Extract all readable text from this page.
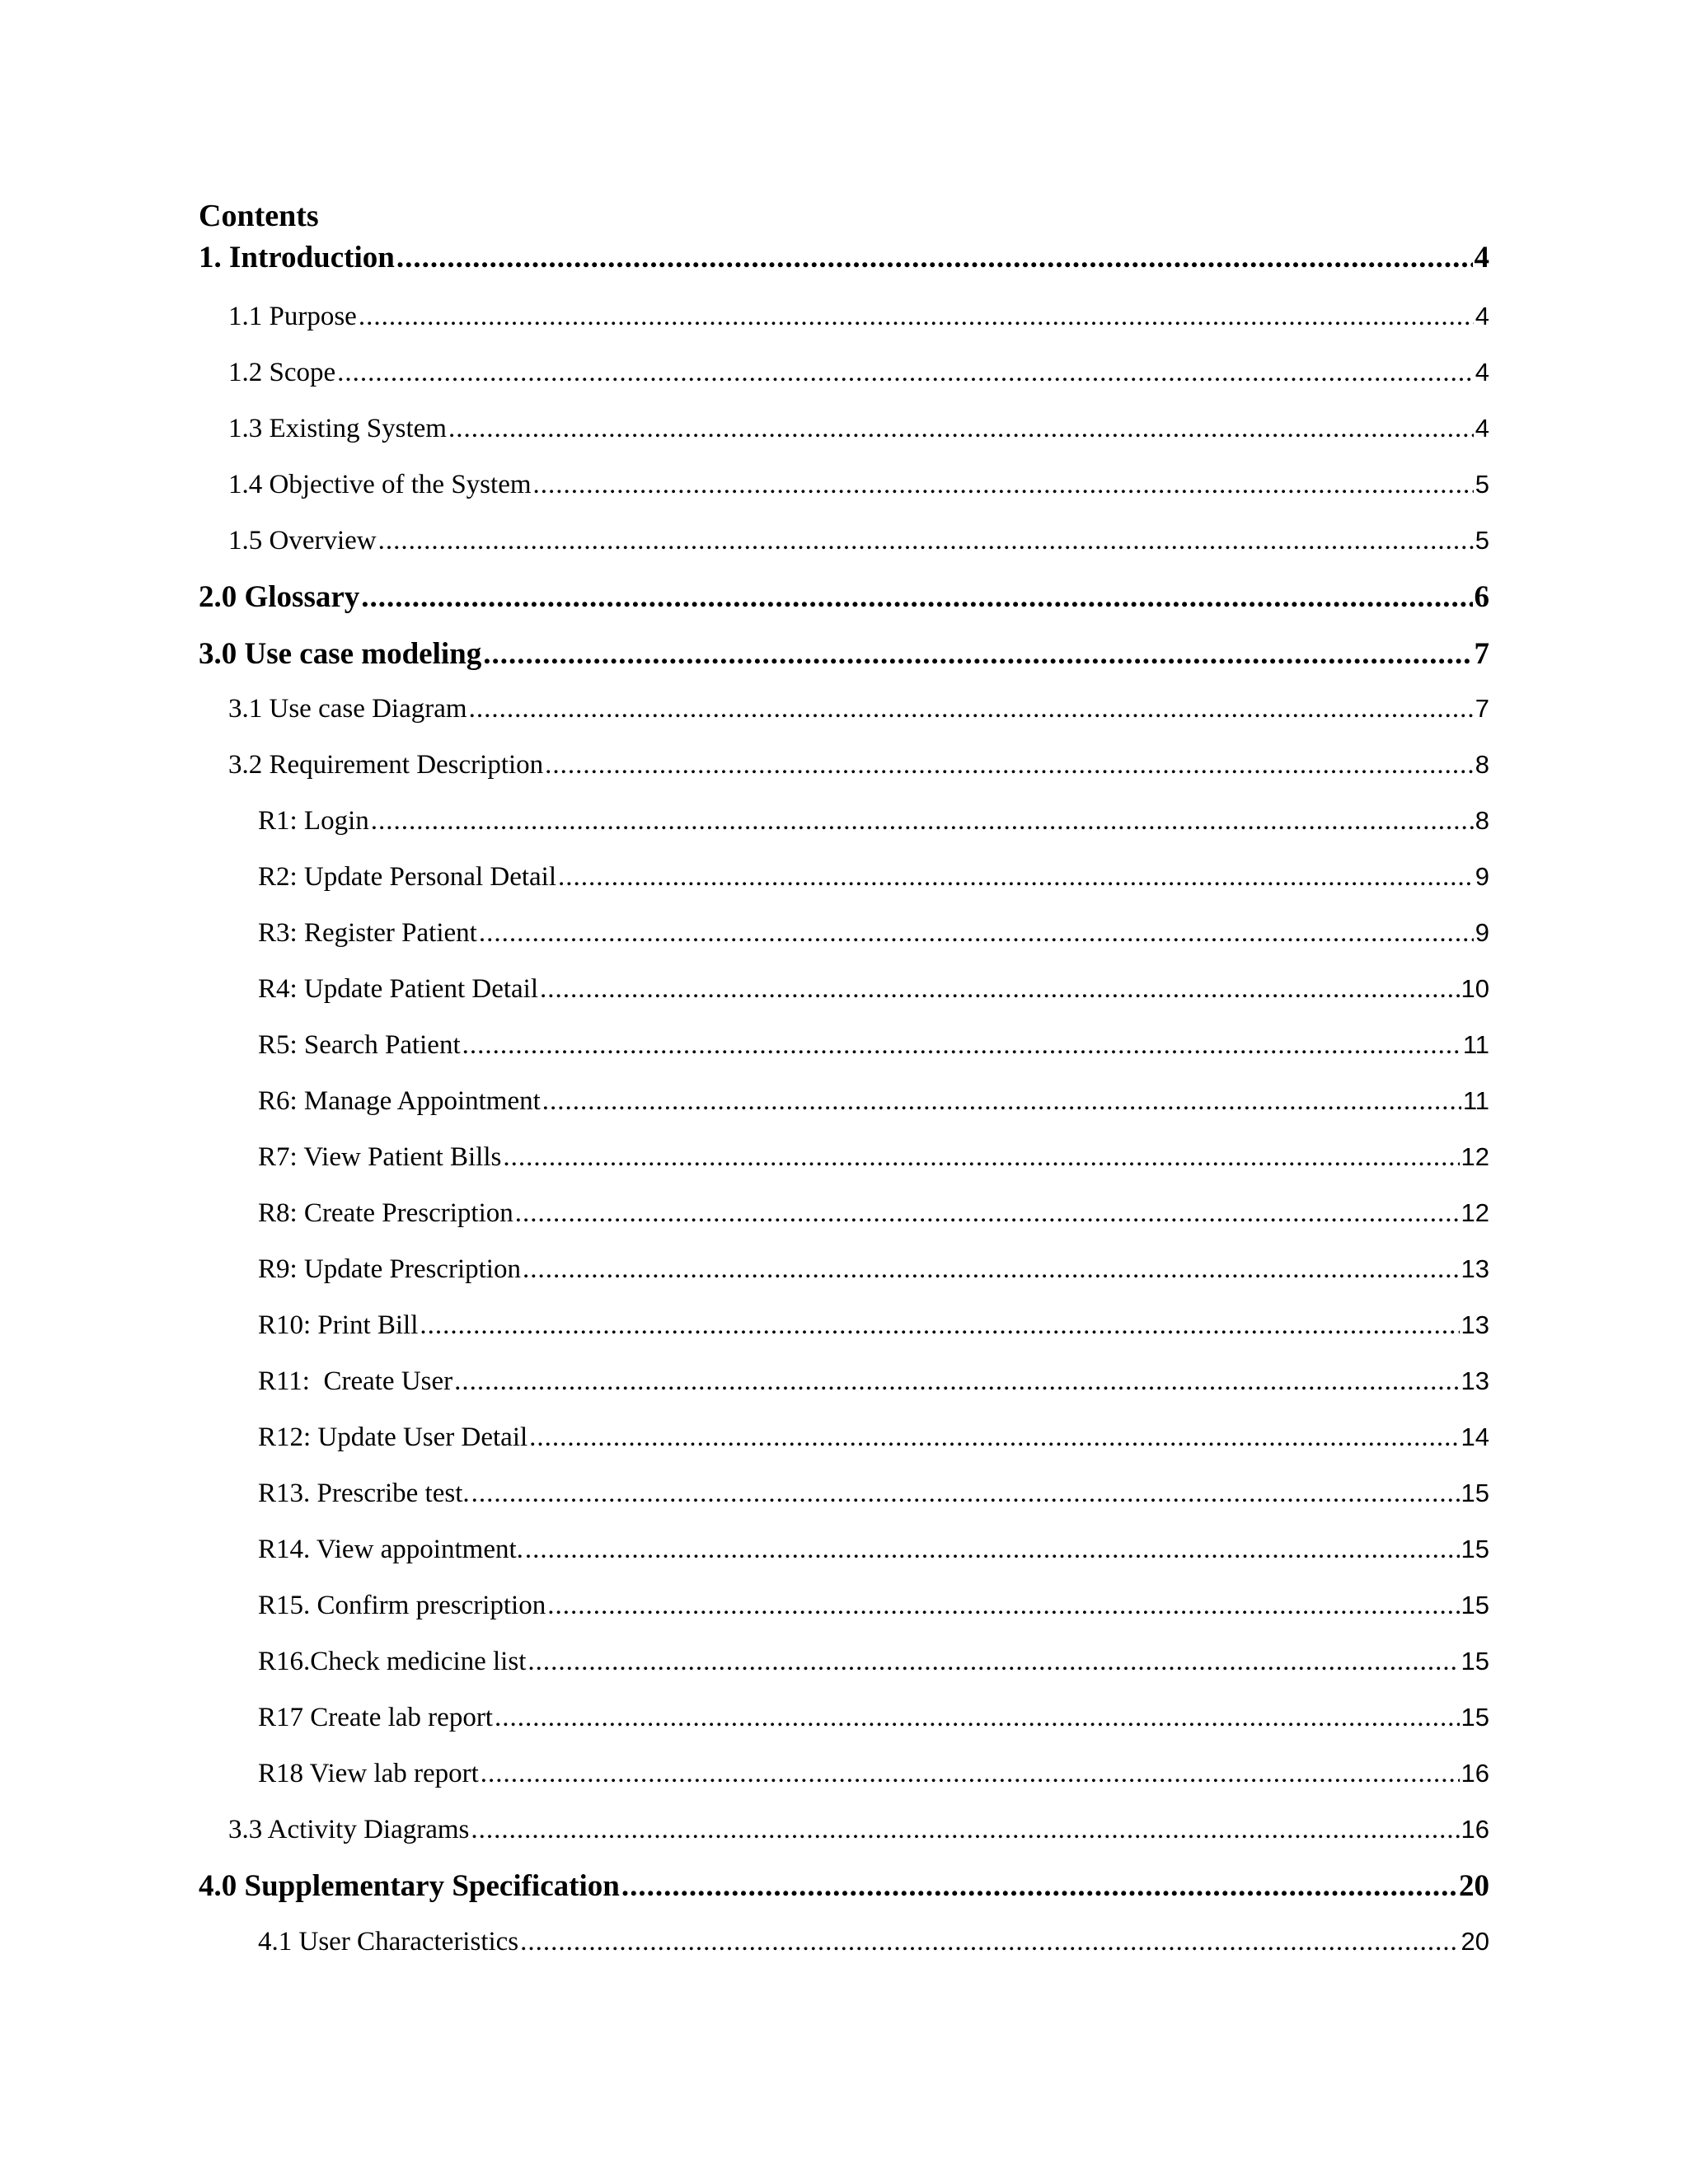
Contents
1. Introduction .....	4
1.1 Purpose .....	4
1.2 Scope .....	4
1.3 Existing System .....	4
1.4 Objective of the System .....	5
1.5 Overview .....	5
2.0 Glossary .....	6
3.0 Use case modeling .....	7
3.1 Use case Diagram .....	7
3.2 Requirement Description .....	8
R1: Login .....	8
R2: Update Personal Detail .....	9
R3: Register Patient .....	9
R4: Update Patient Detail .....	10
R5: Search Patient .....	11
R6: Manage Appointment .....	11
R7: View Patient Bills .....	12
R8: Create Prescription .....	12
R9: Update Prescription .....	13
R10: Print Bill .....	13
R11:  Create User .....	13
R12: Update User Detail .....	14
R13. Prescribe test. .....	15
R14. View appointment. .....	15
R15. Confirm prescription .....	15
R16.Check medicine list .....	15
R17 Create lab report .....	15
R18 View lab report .....	16
3.3 Activity Diagrams .....	16
4.0 Supplementary Specification .....	20
4.1 User Characteristics .....	20
